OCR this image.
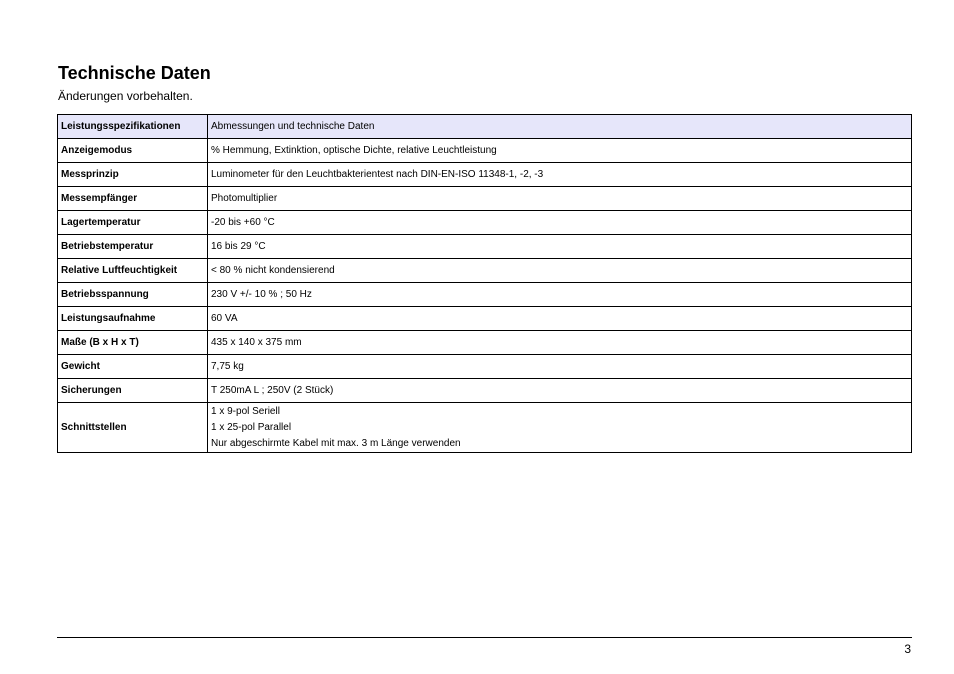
Technische Daten

Änderungen vorbehalten.

Leistungsspezifikationen	Abmessungen und technische Daten
Anzeigemodus	% Hemmung, Extinktion, optische Dichte, relative Leuchtleistung
Messprinzip	Luminometer für den Leuchtbakterientest nach DIN-EN-ISO 11348-1, -2, -3
Messempfänger	Photomultiplier
Lagertemperatur	-20 bis +60 °C
Betriebstemperatur	16 bis 29 °C
Relative Luftfeuchtigkeit	< 80 % nicht kondensierend
Betriebsspannung	230 V +/- 10 % ; 50 Hz
Leistungsaufnahme	60 VA
Maße (B x H x T)	435 x 140 x 375 mm
Gewicht	7,75 kg
Sicherungen	T 250mA L ; 250V (2 Stück)
Schnittstellen	1 x 9-pol Seriell
1 x 25-pol Parallel
Nur abgeschirmte Kabel mit max. 3 m Länge verwenden
3
